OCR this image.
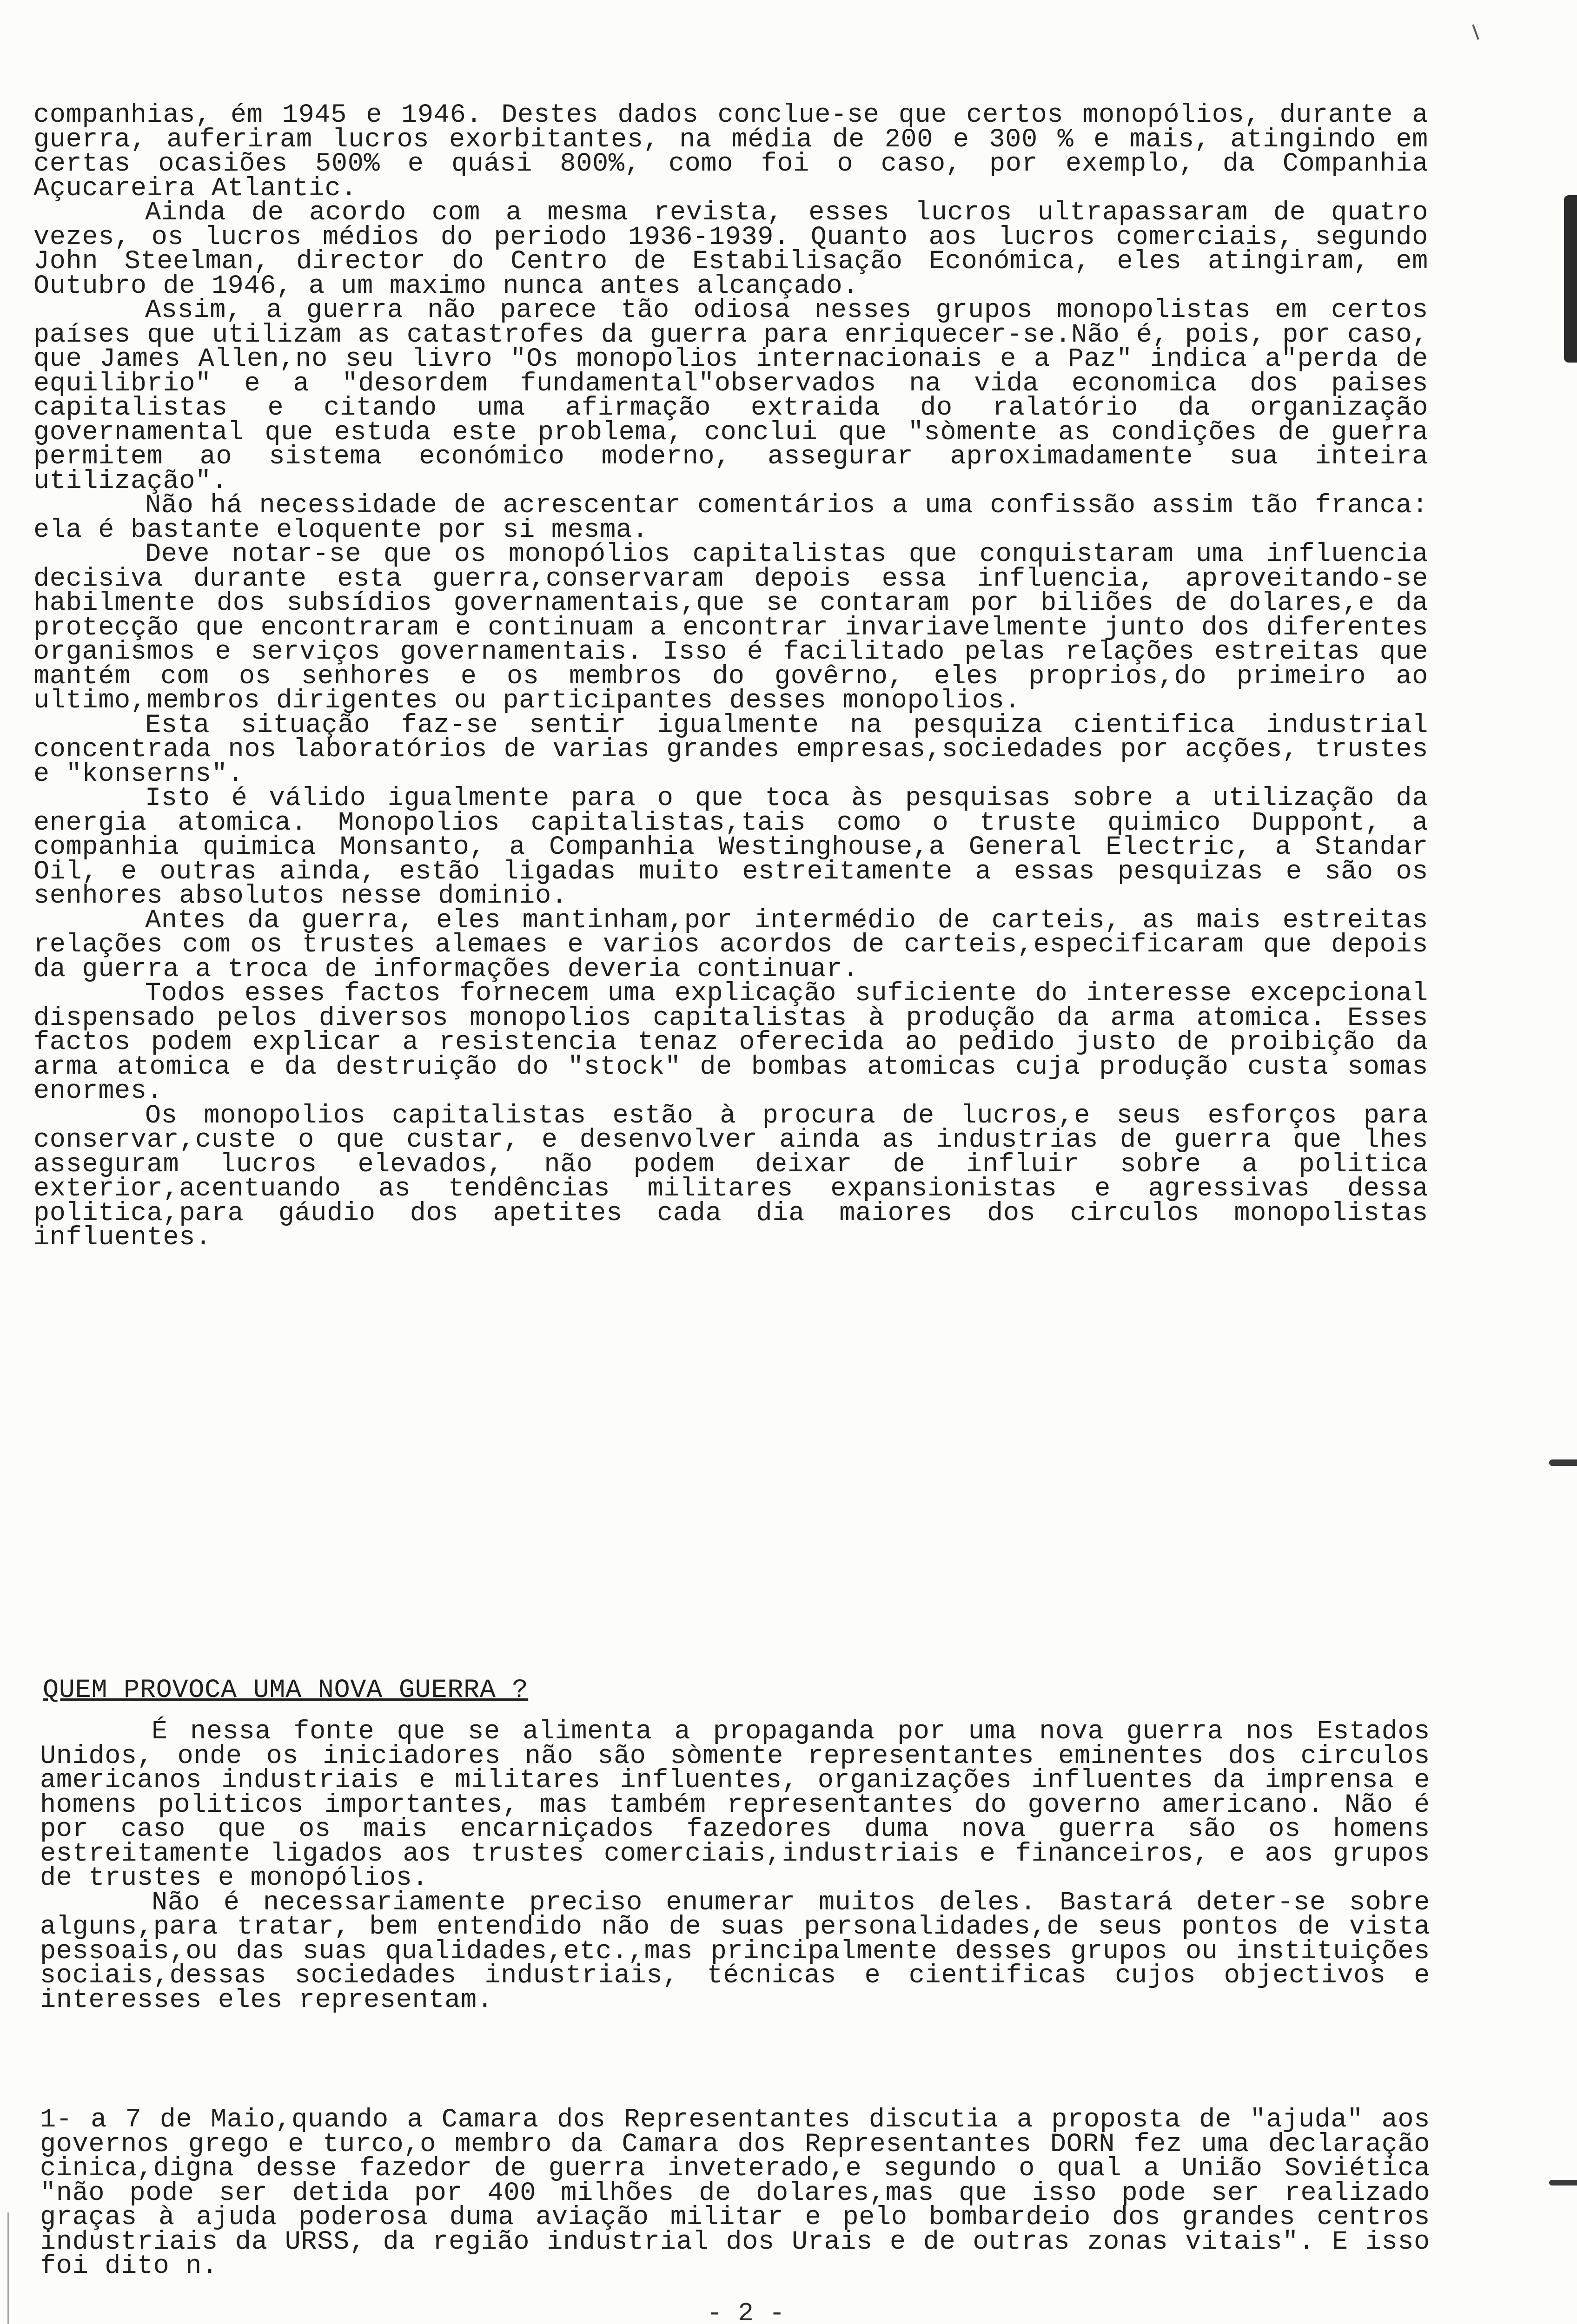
companhias, ém 1945 e 1946. Destes dados conclue-se que certos monopólios, durante a guerra, auferiram lucros exorbitantes, na média de 200 e 300 % e mais, atingindo em certas ocasiões 500% e quási 800%, como foi o caso, por exemplo, da Companhia Açucareira Atlantic.

Ainda de acordo com a mesma revista, esses lucros ultrapassaram de quatro vezes, os lucros médios do periodo 1936-1939. Quanto aos lucros comerciais, segundo John Steelman, director do Centro de Estabilisação Económica, eles atingiram, em Outubro de 1946, a um maximo nunca antes alcançado.

Assim, a guerra não parece tão odiosa nesses grupos monopolistas em certos países que utilizam as catastrofes da guerra para enriquecer-se.Não é, pois, por caso, que James Allen,no seu livro "Os monopolios internacionais e a Paz" indica a"perda de equilibrio" e a "desordem fundamental"observados na vida economica dos paises capitalistas e citando uma afirmação extraida do ralatório da organização governamental que estuda este problema, conclui que "sòmente as condições de guerra permitem ao sistema económico moderno, assegurar aproximadamente sua inteira utilização".

Não há necessidade de acrescentar comentários a uma confissão assim tão franca: ela é bastante eloquente por si mesma.

Deve notar-se que os monopólios capitalistas que conquistaram uma influencia decisiva durante esta guerra,conservaram depois essa influencia, aproveitando-se habilmente dos subsídios governamentais,que se contaram por biliões de dolares,e da protecção que encontraram e continuam a encontrar invariavelmente junto dos diferentes organismos e serviços governamentais. Isso é facilitado pelas relações estreitas que mantém com os senhores e os membros do govêrno, eles proprios,do primeiro ao ultimo,membros dirigentes ou participantes desses monopolios.

Esta situação faz-se sentir igualmente na pesquiza cientifica industrial concentrada nos laboratórios de varias grandes empresas,sociedades por acções, trustes e "konserns".

Isto é válido igualmente para o que toca às pesquisas sobre a utilização da energia atomica. Monopolios capitalistas,tais como o truste quimico Duppont, a companhia quimica Monsanto, a Companhia Westinghouse,a General Electric, a Standar Oil, e outras ainda, estão ligadas muito estreitamente a essas pesquizas e são os senhores absolutos nesse dominio.

Antes da guerra, eles mantinham,por intermédio de carteis, as mais estreitas relações com os trustes alemaes e varios acordos de carteis,especificaram que depois da guerra a troca de informações deveria continuar.

Todos esses factos fornecem uma explicação suficiente do interesse excepcional dispensado pelos diversos monopolios capitalistas à produção da arma atomica. Esses factos podem explicar a resistencia tenaz oferecida ao pedido justo de proibição da arma atomica e da destruição do "stock" de bombas atomicas cuja produção custa somas enormes.

Os monopolios capitalistas estão à procura de lucros,e seus esforços para conservar,custe o que custar, e desenvolver ainda as industrias de guerra que lhes asseguram lucros elevados, não podem deixar de influir sobre a politica exterior,acentuando as tendências militares expansionistas e agressivas dessa politica,para gáudio dos apetites cada dia maiores dos circulos monopolistas influentes.

QUEM PROVOCA UMA NOVA GUERRA ?

É nessa fonte que se alimenta a propaganda por uma nova guerra nos Estados Unidos, onde os iniciadores não são sòmente representantes eminentes dos circulos americanos industriais e militares influentes, organizações influentes da imprensa e homens politicos importantes, mas também representantes do governo americano. Não é por caso que os mais encarniçados fazedores duma nova guerra são os homens estreitamente ligados aos trustes comerciais,industriais e financeiros, e aos grupos de trustes e monopólios.

Não é necessariamente preciso enumerar muitos deles. Bastará deter-se sobre alguns,para tratar, bem entendido não de suas personalidades,de seus pontos de vista pessoais,ou das suas qualidades,etc.,mas principalmente desses grupos ou instituições sociais,dessas sociedades industriais, técnicas e cientificas cujos objectivos e interesses eles representam.

1- a 7 de Maio,quando a Camara dos Representantes discutia a proposta de "ajuda" aos governos grego e turco,o membro da Camara dos Representantes DORN fez uma declaração cinica,digna desse fazedor de guerra inveterado,e segundo o qual a União Soviética "não pode ser detida por 400 milhões de dolares,mas que isso pode ser realizado graças à ajuda poderosa duma aviação militar e pelo bombardeio dos grandes centros industriais da URSS, da região industrial dos Urais e de outras zonas vitais". E isso foi dito n.

- 2 -
